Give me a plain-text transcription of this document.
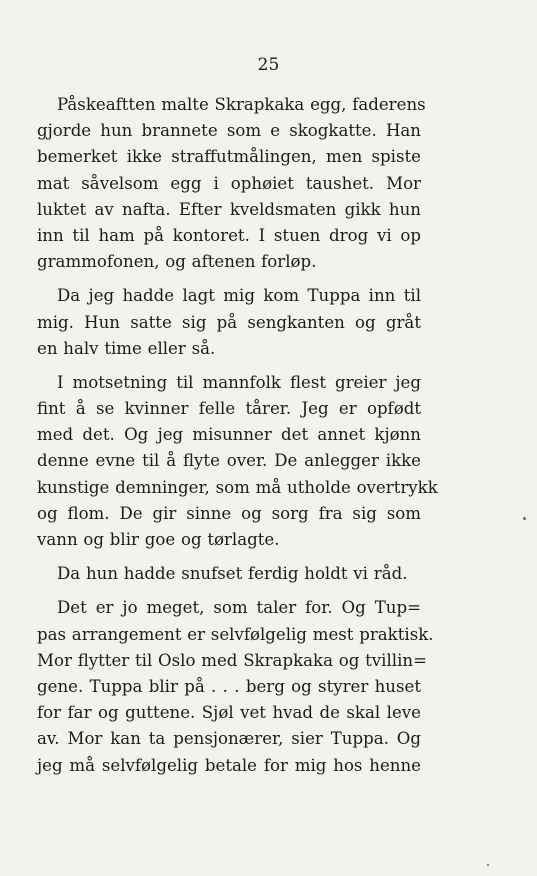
25
Påskeaftten malte Skrapkaka egg, faderens
gjorde hun brannete som e skogkatte. Han
bemerket ikke straffutmålingen, men spiste
mat såvelsom egg i ophøiet taushet. Mor
luktet av nafta. Efter kveldsmaten gikk hun
inn til ham på kontoret. I stuen drog vi op
grammofonen, og aftenen forløp.
Da jeg hadde lagt mig kom Tuppa inn til
mig. Hun satte sig på sengkanten og gråt
en halv time eller så.
I motsetning til mannfolk flest greier jeg
fint å se kvinner felle tårer. Jeg er opfødt
med det. Og jeg misunner det annet kjønn
denne evne til å flyte over. De anlegger ikke
kunstige demninger, som må utholde overtrykk
og flom. De gir sinne og sorg fra sig som
vann og blir goe og tørlagte.
Da hun hadde snufset ferdig holdt vi råd.
Det er jo meget, som taler for. Og Tup=
pas arrangement er selvfølgelig mest praktisk.
Mor flytter til Oslo med Skrapkaka og tvillin=
gene. Tuppa blir på . . . berg og styrer huset
for far og guttene. Sjøl vet hvad de skal leve
av. Mor kan ta pensjonærer, sier Tuppa. Og
jeg må selvfølgelig betale for mig hos henne
